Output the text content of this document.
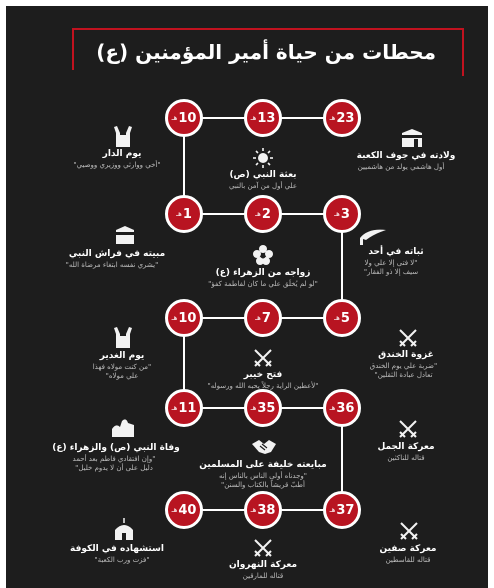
محطات من حياة أمير المؤمنين (ع)
23
هـ
13
هـ
10
هـ
3
هـ
2
هـ
1
هـ
5
هـ
7
هـ
10
هـ
36
هـ
35
هـ
11
هـ
37
هـ
38
هـ
40
هـ
ولادته في جوف الكعبة
أول هاشمي يولد من هاشميين
بعثة النبي (ص)
علي أول من آمن بالنبي
يوم الدار
"أخي ووارثي ووزيري ووصيي"
ثباته في أحد
"لا فتى إلا علي ولا
سيف إلا ذو الفقار"
زواجه من الزهراء (ع)
"لو لم يُخلَق علي ما كان لفاطمة كفؤ"
مبيته في فراش النبي
"يشري نفسه ابتغاء مرضاة الله"
غزوة الخندق
"ضربة علي يوم الخندق
تعادل عبادة الثقلين"
فتح خيبر
"لأعطين الراية رجلاً يحبه الله ورسوله"
يوم الغدير
"من كنت مولاه فهذا
علي مولاه"
معركة الجمل
قتاله للناكثين
مبايعته خليفة على المسلمين
"وجدناه أولى الناس بالناس إنه
أطبّ قريشاً بالكتاب والسنن"
وفاة النبي (ص) والزهراء (ع)
"وإن افتقادي فاطم بعد أحمد
دليل على أن لا يدوم خليل"
معركة صفين
قتاله للقاسطين
معركة النهروان
قتاله للمارقين
استشهاده في الكوفة
"فزت ورب الكعبة"
